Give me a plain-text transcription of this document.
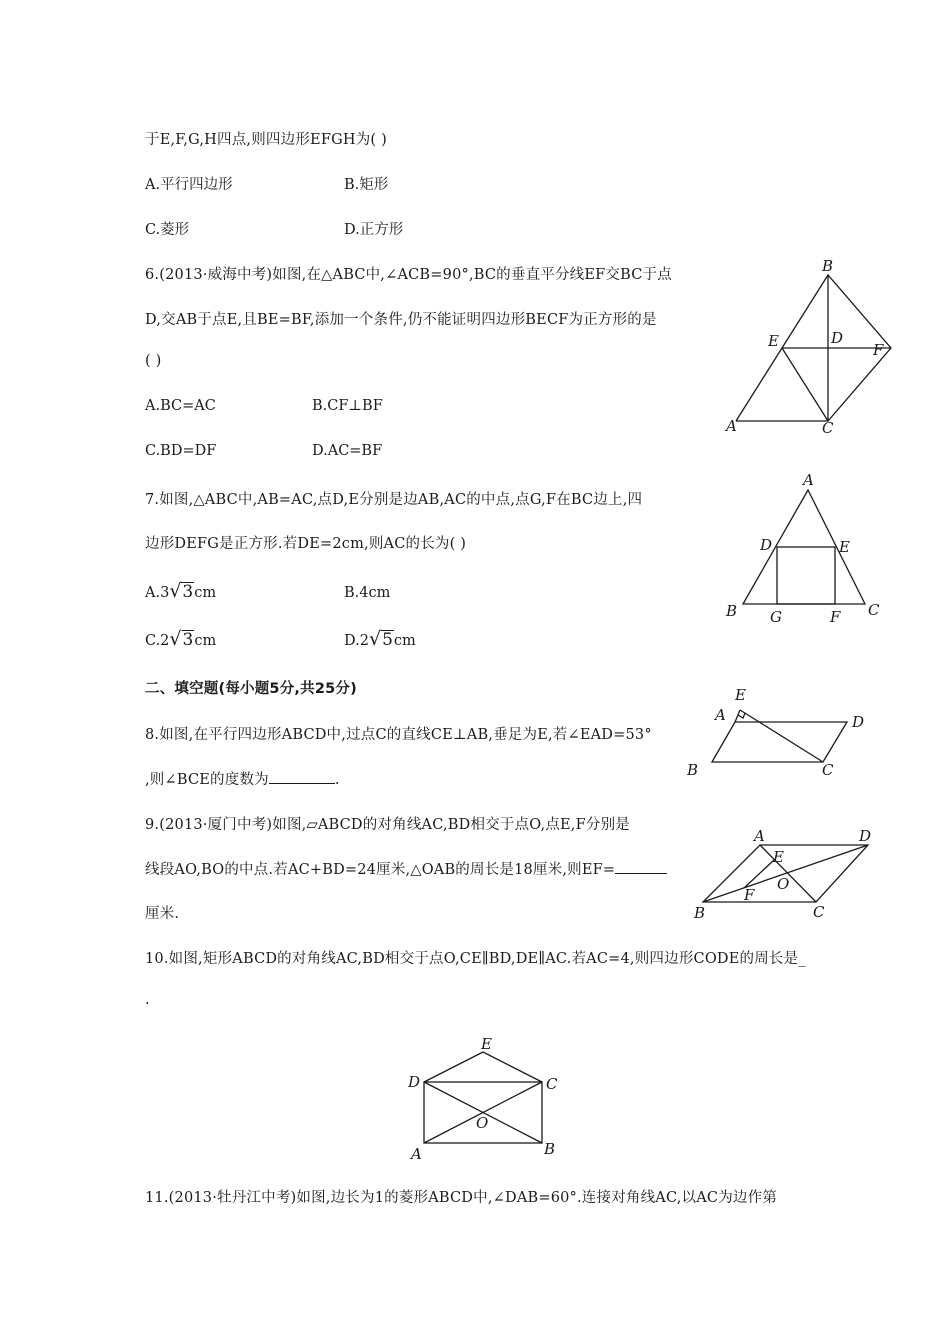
于E,F,G,H四点,则四边形EFGH为( )
A.平行四边形	B.矩形
C.菱形	D.正方形
6.(2013·威海中考)如图,在△ABC中,∠ACB=90°,BC的垂直平分线EF交BC于点
D,交AB于点E,且BE=BF,添加一个条件,仍不能证明四边形BECF为正方形的是
( )
A.BC=AC	B.CF⊥BF
C.BD=DF	D.AC=BF
B
E	D
F
A	C
7.如图,△ABC中,AB=AC,点D,E分别是边AB,AC的中点,点G,F在BC边上,四
边形DEFG是正方形.若DE=2cm,则AC的长为( )
A.3√3cm	B.4cm
C.2√3cm	D.2√5cm
A
D	E
B G	F C
二、填空题(每小题5分,共25分)
8.如图,在平行四边形ABCD中,过点C的直线CE⊥AB,垂足为E,若∠EAD=53°
,则∠BCE的度数为	.
E
A	D
B	C
9.(2013·厦门中考)如图,▱ABCD的对角线AC,BD相交于点O,点E,F分别是
线段AO,BO的中点.若AC+BD=24厘米,△OAB的周长是18厘米,则EF=
厘米.
A	D
E
O
F
B	C
10.如图,矩形ABCD的对角线AC,BD相交于点O,CE∥BD,DE∥AC.若AC=4,则四边形CODE的周长是_
.
E
D	C
O
A	B
11.(2013·牡丹江中考)如图,边长为1的菱形ABCD中,∠DAB=60°.连接对角线AC,以AC为边作第
